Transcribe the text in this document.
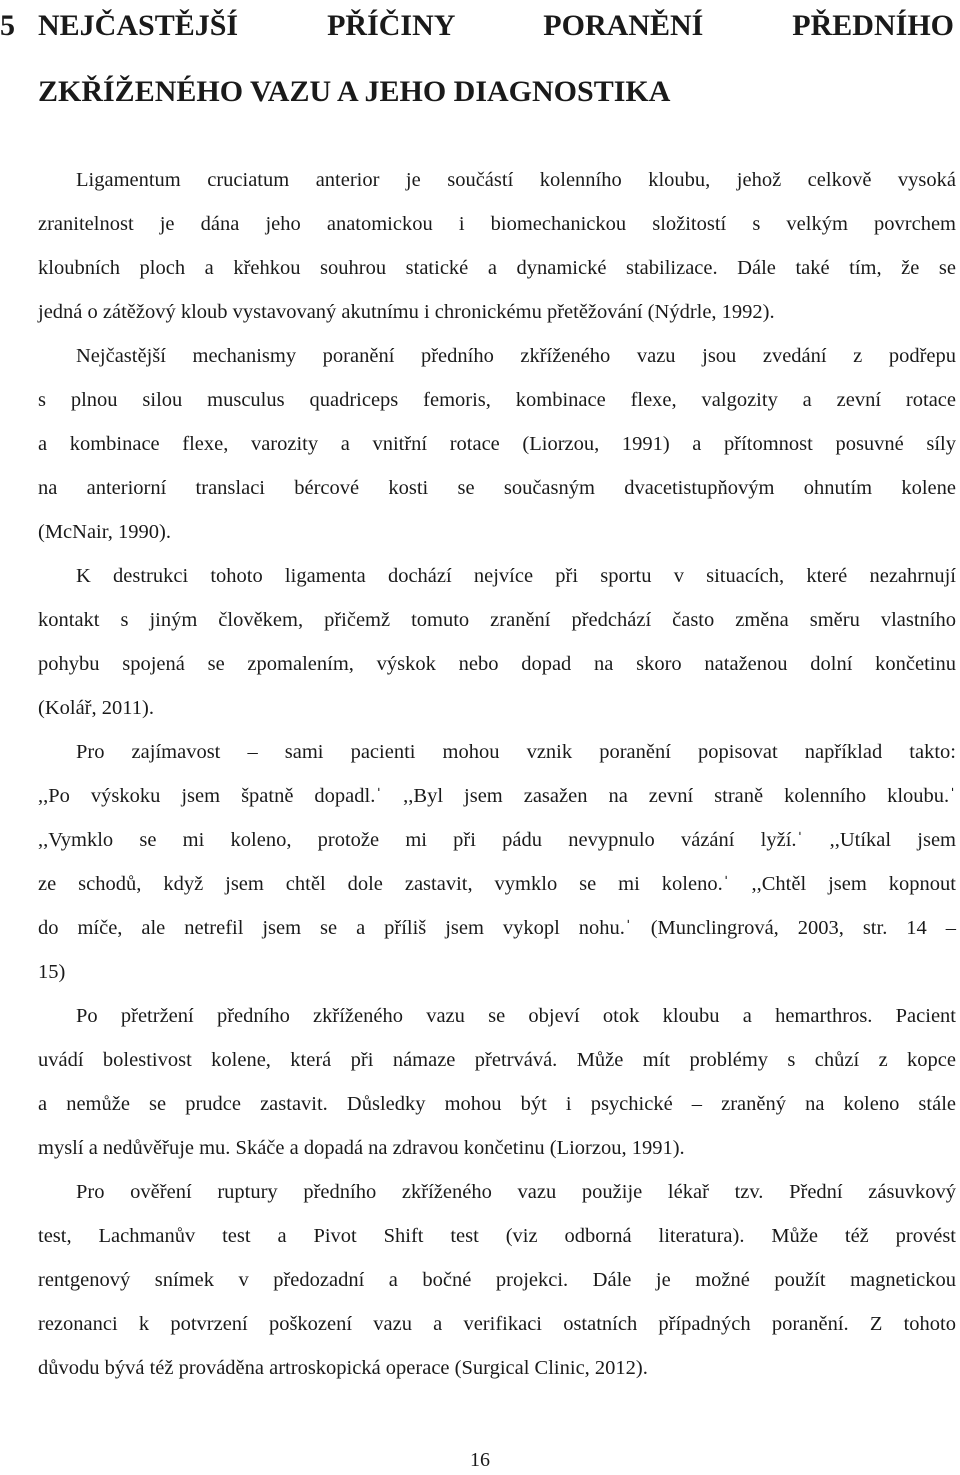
5 NEJČASTĚJŠÍ PŘÍČINY PORANĚNÍ PŘEDNÍHO
ZKŘÍŽENÉHO VAZU A JEHO DIAGNOSTIKA
Ligamentum cruciatum anterior je součástí kolenního kloubu, jehož celkově vysoká
zranitelnost je dána jeho anatomickou i biomechanickou složitostí s velkým povrchem
kloubních ploch a křehkou souhrou statické a dynamické stabilizace. Dále také tím, že se
jedná o zátěžový kloub vystavovaný akutnímu i chronickému přetěžování (Nýdrle, 1992).
Nejčastější mechanismy poranění předního zkříženého vazu jsou zvedání z podřepu
s plnou silou musculus quadriceps femoris, kombinace flexe, valgozity a zevní rotace
a kombinace flexe, varozity a vnitřní rotace (Liorzou, 1991) a přítomnost posuvné síly
na anteriorní translaci bércové kosti se současným dvacetistupňovým ohnutím kolene
(McNair, 1990).
K destrukci tohoto ligamenta dochází nejvíce při sportu v situacích, které nezahrnují
kontakt s jiným člověkem, přičemž tomuto zranění předchází často změna směru vlastního
pohybu spojená se zpomalením, výskok nebo dopad na skoro nataženou dolní končetinu
(Kolář, 2011).
Pro zajímavost – sami pacienti mohou vznik poranění popisovat například takto:
,,Po výskoku jsem špatně dopadl.ˈ ,,Byl jsem zasažen na zevní straně kolenního kloubu.ˈ
,,Vymklo se mi koleno, protože mi při pádu nevypnulo vázání lyží.ˈ ,,Utíkal jsem
ze schodů, když jsem chtěl dole zastavit, vymklo se mi koleno.ˈ ,,Chtěl jsem kopnout
do míče, ale netrefil jsem se a příliš jsem vykopl nohu.ˈ (Munclingrová, 2003, str. 14 –
15)
Po přetržení předního zkříženého vazu se objeví otok kloubu a hemarthros. Pacient
uvádí bolestivost kolene, která při námaze přetrvává. Může mít problémy s chůzí z kopce
a nemůže se prudce zastavit. Důsledky mohou být i psychické – zraněný na koleno stále
myslí a nedůvěřuje mu. Skáče a dopadá na zdravou končetinu (Liorzou, 1991).
Pro ověření ruptury předního zkříženého vazu použije lékař tzv. Přední zásuvkový
test, Lachmanův test a Pivot Shift test (viz odborná literatura). Může též provést
rentgenový snímek v předozadní a bočné projekci. Dále je možné použít magnetickou
rezonanci k potvrzení poškození vazu a verifikaci ostatních případných poranění. Z tohoto
důvodu bývá též prováděna artroskopická operace (Surgical Clinic, 2012).
16
